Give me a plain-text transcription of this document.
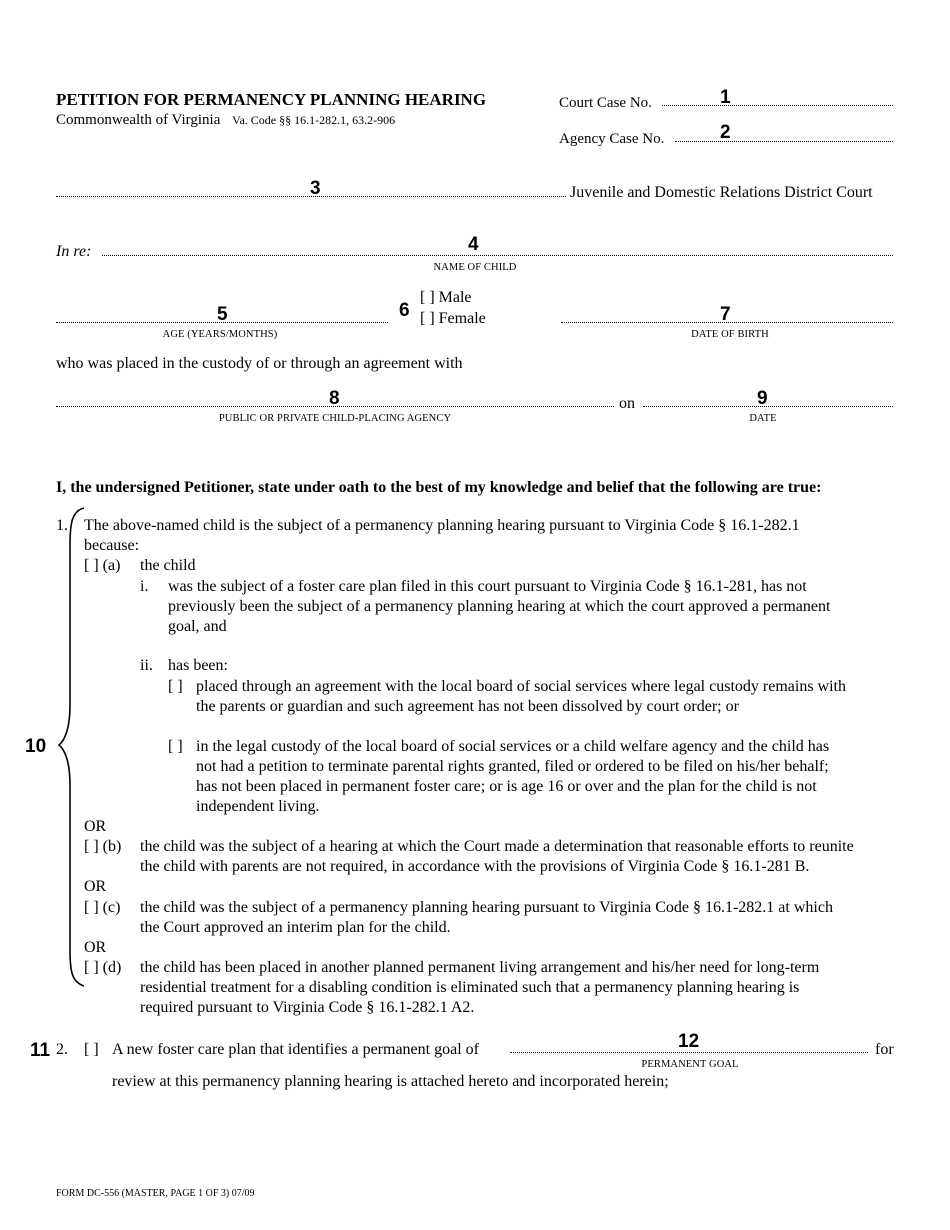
PETITION FOR PERMANENCY PLANNING HEARING
Commonwealth of Virginia Va. Code §§ 16.1-282.1, 63.2-906
Court Case No.	1
Agency Case No.	2
3	Juvenile and Domestic Relations District Court
In re:	4
NAME OF CHILD
5
AGE (YEARS/MONTHS)
6
[ ] Male
[ ] Female	7
DATE OF BIRTH
who was placed in the custody of or through an agreement with
8
PUBLIC OR PRIVATE CHILD-PLACING AGENCY
on	9
DATE
I, the undersigned Petitioner, state under oath to the best of my knowledge and belief that the following are true:
10
1. The above-named child is the subject of a permanency planning hearing pursuant to Virginia Code § 16.1-282.1
because:
[ ] (a) the child
i. was the subject of a foster care plan filed in this court pursuant to Virginia Code § 16.1-281, has not
previously been the subject of a permanency planning hearing at which the court approved a permanent
goal, and
ii. has been:
[ ] placed through an agreement with the local board of social services where legal custody remains with
the parents or guardian and such agreement has not been dissolved by court order; or
[ ] in the legal custody of the local board of social services or a child welfare agency and the child has
not had a petition to terminate parental rights granted, filed or ordered to be filed on his/her behalf;
has not been placed in permanent foster care; or is age 16 or over and the plan for the child is not
independent living.
OR
[ ] (b) the child was the subject of a hearing at which the Court made a determination that reasonable efforts to reunite
the child with parents are not required, in accordance with the provisions of Virginia Code § 16.1-281 B.
OR
[ ] (c) the child was the subject of a permanency planning hearing pursuant to Virginia Code § 16.1-282.1 at which
the Court approved an interim plan for the child.
OR
[ ] (d) the child has been placed in another planned permanent living arrangement and his/her need for long-term
residential treatment for a disabling condition is eliminated such that a permanency planning hearing is
required pursuant to Virginia Code § 16.1-282.1 A2.
11 2. [ ] A new foster care plan that identifies a permanent goal of	12
PERMANENT GOAL
for
review at this permanency planning hearing is attached hereto and incorporated herein;
FORM DC-556 (MASTER, PAGE 1 OF 3) 07/09
